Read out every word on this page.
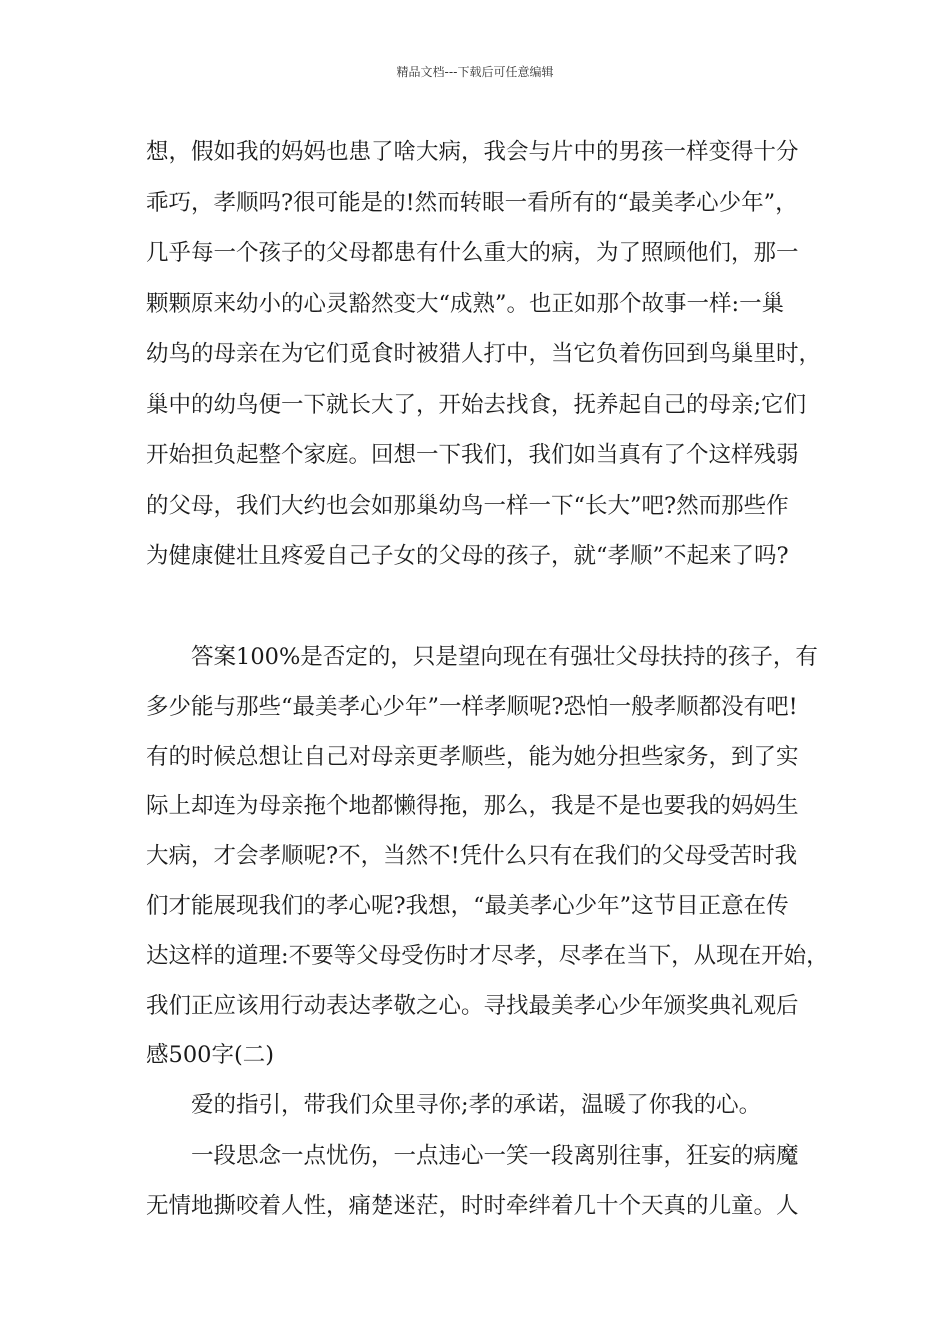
精品文档---下载后可任意编辑
想，假如我的妈妈也患了啥大病，我会与片中的男孩一样变得十分
乖巧，孝顺吗?很可能是的!然而转眼一看所有的“最美孝心少年”，
几乎每一个孩子的父母都患有什么重大的病，为了照顾他们，那一
颗颗原来幼小的心灵豁然变大“成熟”。也正如那个故事一样:一巢
幼鸟的母亲在为它们觅食时被猎人打中，当它负着伤回到鸟巢里时，
巢中的幼鸟便一下就长大了，开始去找食，抚养起自己的母亲;它们
开始担负起整个家庭。回想一下我们，我们如当真有了个这样残弱
的父母，我们大约也会如那巢幼鸟一样一下“长大”吧?然而那些作
为健康健壮且疼爱自己子女的父母的孩子，就“孝顺”不起来了吗?
答案100%是否定的，只是望向现在有强壮父母扶持的孩子，有
多少能与那些“最美孝心少年”一样孝顺呢?恐怕一般孝顺都没有吧!
有的时候总想让自己对母亲更孝顺些，能为她分担些家务，到了实
际上却连为母亲拖个地都懒得拖，那么，我是不是也要我的妈妈生
大病，才会孝顺呢?不，当然不!凭什么只有在我们的父母受苦时我
们才能展现我们的孝心呢?我想，“最美孝心少年”这节目正意在传
达这样的道理:不要等父母受伤时才尽孝，尽孝在当下，从现在开始，
我们正应该用行动表达孝敬之心。寻找最美孝心少年颁奖典礼观后
感500字(二)
爱的指引，带我们众里寻你;孝的承诺，温暖了你我的心。
一段思念一点忧伤，一点违心一笑一段离别往事，狂妄的病魔
无情地撕咬着人性，痛楚迷茫，时时牵绊着几十个天真的儿童。人
